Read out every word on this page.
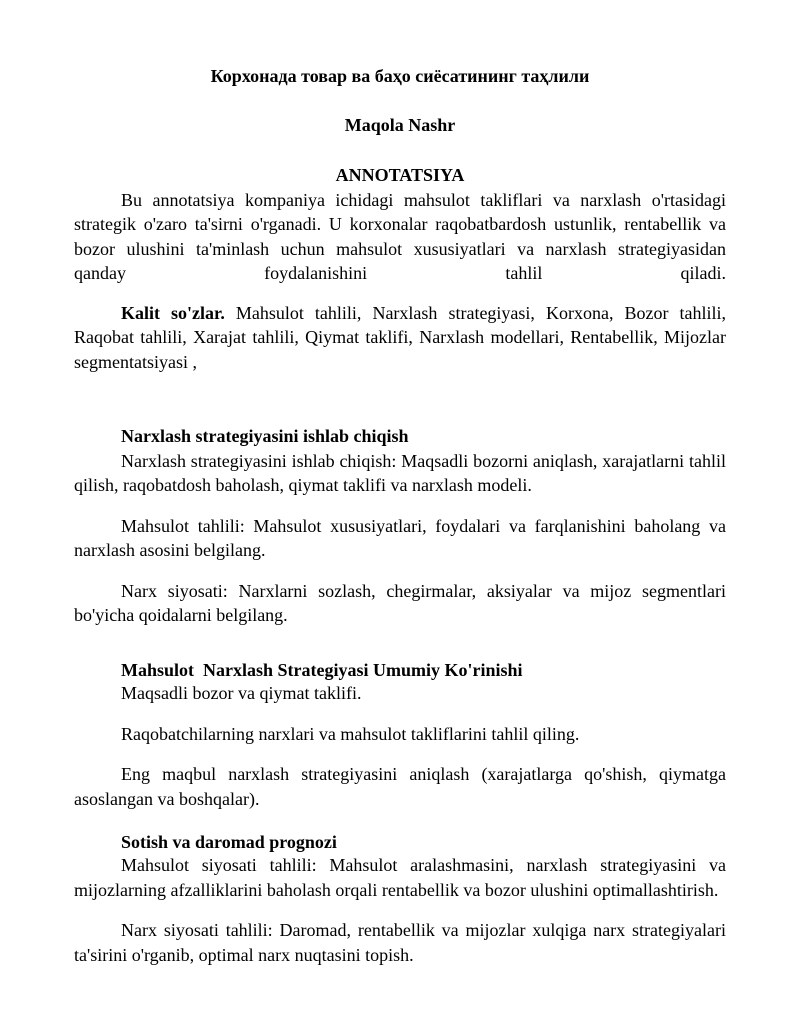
Корхонада товар ва баҳо сиёсатининг таҳлили
Maqola Nashr
ANNOTATSIYA

Bu annotatsiya kompaniya ichidagi mahsulot takliflari va narxlash o'rtasidagi strategik o'zaro ta'sirni o'rganadi. U korxonalar raqobatbardosh ustunlik, rentabellik va bozor ulushini ta'minlash uchun mahsulot xususiyatlari va narxlash strategiyasidan qanday foydalanishini tahlil qiladi.

Kalit so'zlar. Mahsulot tahlili, Narxlash strategiyasi, Korxona, Bozor tahlili, Raqobat tahlili, Xarajat tahlili, Qiymat taklifi, Narxlash modellari, Rentabellik, Mijozlar segmentatsiyasi ,

Narxlash strategiyasini ishlab chiqish

Narxlash strategiyasini ishlab chiqish: Maqsadli bozorni aniqlash, xarajatlarni tahlil qilish, raqobatdosh baholash, qiymat taklifi va narxlash modeli.

Mahsulot tahlili: Mahsulot xususiyatlari, foydalari va farqlanishini baholang va narxlash asosini belgilang.

Narx siyosati: Narxlarni sozlash, chegirmalar, aksiyalar va mijoz segmentlari bo'yicha qoidalarni belgilang.

Mahsulot  Narxlash Strategiyasi Umumiy Ko'rinishi

Maqsadli bozor va qiymat taklifi.

Raqobatchilarning narxlari va mahsulot takliflarini tahlil qiling.

Eng maqbul narxlash strategiyasini aniqlash (xarajatlarga qo'shish, qiymatga asoslangan va boshqalar).

Sotish va daromad prognozi

Mahsulot siyosati tahlili: Mahsulot aralashmasini, narxlash strategiyasini va mijozlarning afzalliklarini baholash orqali rentabellik va bozor ulushini optimallashtirish.

Narx siyosati tahlili: Daromad, rentabellik va mijozlar xulqiga narx strategiyalari ta'sirini o'rganib, optimal narx nuqtasini topish.
